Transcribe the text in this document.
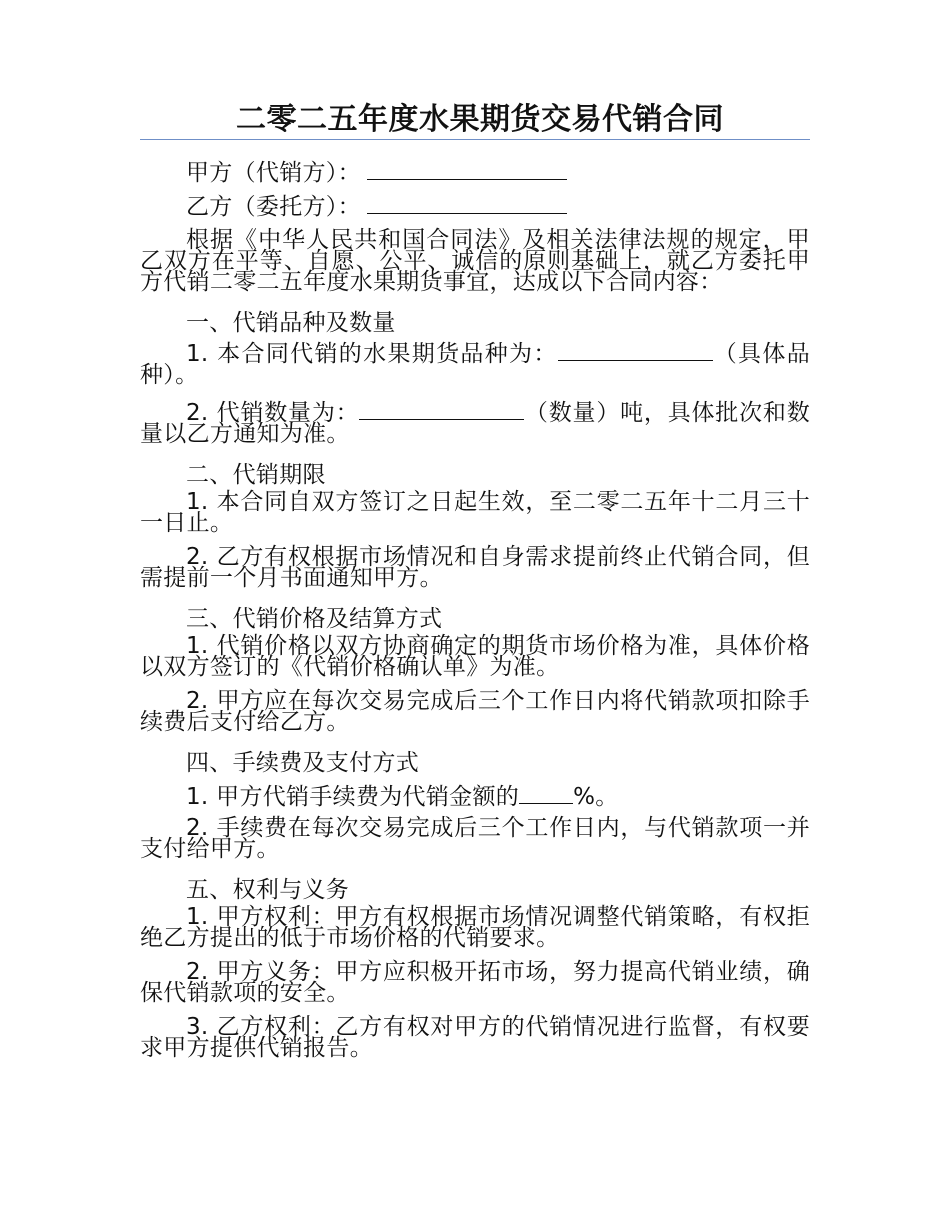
二零二五年度水果期货交易代销合同
甲方（代销方）：
乙方（委托方）：
根据《中华人民共和国合同法》及相关法律法规的规定，甲乙双方在平等、自愿、公平、诚信的原则基础上，就乙方委托甲方代销二零二五年度水果期货事宜，达成以下合同内容：
一、代销品种及数量
1. 本合同代销的水果期货品种为：	（具体品种）。
2. 代销数量为：	（数量）吨，具体批次和数量以乙方通知为准。
二、代销期限
1. 本合同自双方签订之日起生效，至二零二五年十二月三十一日止。
2. 乙方有权根据市场情况和自身需求提前终止代销合同，但需提前一个月书面通知甲方。
三、代销价格及结算方式
1. 代销价格以双方协商确定的期货市场价格为准，具体价格以双方签订的《代销价格确认单》为准。
2. 甲方应在每次交易完成后三个工作日内将代销款项扣除手续费后支付给乙方。
四、手续费及支付方式
1. 甲方代销手续费为代销金额的 %。
2. 手续费在每次交易完成后三个工作日内，与代销款项一并支付给甲方。
五、权利与义务
1. 甲方权利：甲方有权根据市场情况调整代销策略，有权拒绝乙方提出的低于市场价格的代销要求。
2. 甲方义务：甲方应积极开拓市场，努力提高代销业绩，确保代销款项的安全。
3. 乙方权利：乙方有权对甲方的代销情况进行监督，有权要求甲方提供代销报告。
